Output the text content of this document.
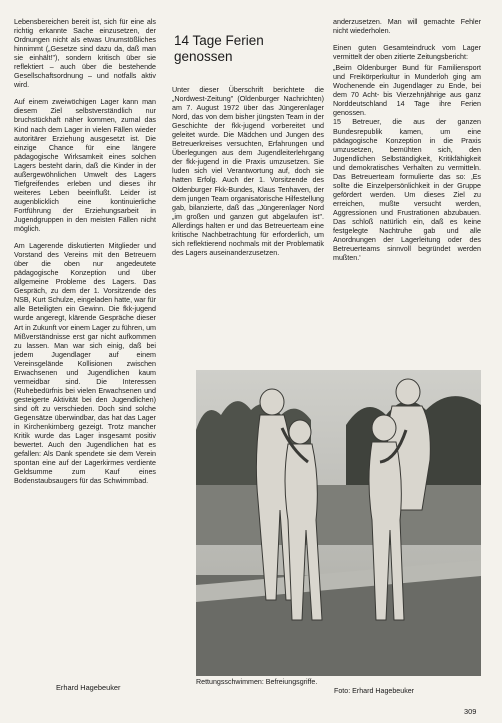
Lebensbereichen bereit ist, sich für eine als richtig erkannte Sache einzusetzen, der Ordnungen nicht als etwas Unumstößliches hinnimmt („Gesetze sind dazu da, daß man sie einhält!"), sondern kritisch über sie reflektiert – auch über die bestehende Gesellschaftsordnung – und notfalls aktiv wird.

Auf einem zweiwöchigen Lager kann man diesem Ziel selbstverständlich nur bruchstückhaft näher kommen, zumal das Kind nach dem Lager in vielen Fällen wieder autoritärer Erziehung ausgesetzt ist. Die einzige Chance für eine längere pädagogische Wirksamkeit eines solchen Lagers besteht darin, daß die Kinder in der außergewöhnlichen Umwelt des Lagers Tiefgreifendes erleben und dieses ihr weiteres Leben beeinflußt. Leider ist augenblicklich eine kontinuierliche Fortführung der Erziehungsarbeit in Jugendgruppen in den meisten Fällen nicht möglich.

Am Lagerende diskutierten Mitglieder und Vorstand des Vereins mit den Betreuern über die oben nur angedeutete pädagogische Konzeption und über allgemeine Probleme des Lagers. Das Gespräch, zu dem der 1. Vorsitzende des NSB, Kurt Schulze, eingeladen hatte, war für alle Beteiligten ein Gewinn. Die fkk-jugend wurde angeregt, klärende Gespräche dieser Art in Zukunft vor einem Lager zu führen, um Mißverständnisse erst gar nicht aufkommen zu lassen. Man war sich einig, daß bei jedem Jugendlager auf einem Vereinsgelände Kollisionen zwischen Erwachsenen und Jugendlichen kaum vermeidbar sind. Die Interessen (Ruhebedürfnis bei vielen Erwachsenen und gesteigerte Aktivität bei den Jugendlichen) sind oft zu verschieden. Doch sind solche Gegensätze überwindbar, das hat das Lager in Kirchenkirnberg gezeigt. Trotz mancher Kritik wurde das Lager insgesamt positiv bewertet. Auch den Jugendlichen hat es gefallen: Als Dank spendete sie dem Verein spontan eine auf der Lagerkirmes verdiente Geldsumme zum Kauf eines Bodenstaubsaugers für das Schwimmbad.

Erhard Hagebeuker
14 Tage Ferien genossen

Unter dieser Überschrift berichtete die „Nordwest-Zeitung" (Oldenburger Nachrichten) am 7. August 1972 über das Jüngerenlager Nord, das von dem bisher jüngsten Team in der Geschichte der fkk-jugend vorbereitet und geleitet wurde. Die Mädchen und Jungen des Betreuerkreises versuchten, Erfahrungen und Überlegungen aus dem Jugendleiterlehrgang der fkk-jugend in die Praxis umzusetzen. Sie luden sich viel Verantwortung auf, doch sie hatten Erfolg. Auch der 1. Vorsitzende des Oldenburger Fkk-Bundes, Klaus Tenhaven, der dem jungen Team organisatorische Hilfestellung gab, bilanzierte, daß das „Jüngerenlager Nord „im großen und ganzen gut abgelaufen ist". Allerdings halten er und das Betreuerteam eine kritische Nachbetrachtung für erforderlich, um sich reflektierend nochmals mit der Problematik des Lagers auseinanderzusetzen.

anderzusetzen. Man will gemachte Fehler nicht wiederholen.

Einen guten Gesamteindruck vom Lager vermittelt der oben zitierte Zeitungsbericht:

„Beim Oldenburger Bund für Familiensport und Freikörperkultur in Munderloh ging am Wochenende ein Jugendlager zu Ende, bei dem 70 Acht- bis Vierzehnjährige aus ganz Norddeutschland 14 Tage ihre Ferien genossen.

15 Betreuer, die aus der ganzen Bundesrepublik kamen, um eine pädagogische Konzeption in die Praxis umzusetzen, bemühten sich, den Jugendlichen Selbständigkeit, Kritikfähigkeit und demokratisches Verhalten zu vermitteln. Das Betreuerteam formulierte das so: ‚Es sollte die Einzelpersönlichkeit in der Gruppe gefördert werden. Um dieses Ziel zu erreichen, mußte versucht werden, Aggressionen und Frustrationen abzubauen. Das schloß natürlich ein, daß es keine festgelegte Nachtruhe gab und alle Anordnungen der Lagerleitung oder des Betreuerteams sinnvoll begründet werden mußten.'

Rettungsschwimmen: Befreiungsgriffe.
Foto: Erhard Hagebeuker
309
